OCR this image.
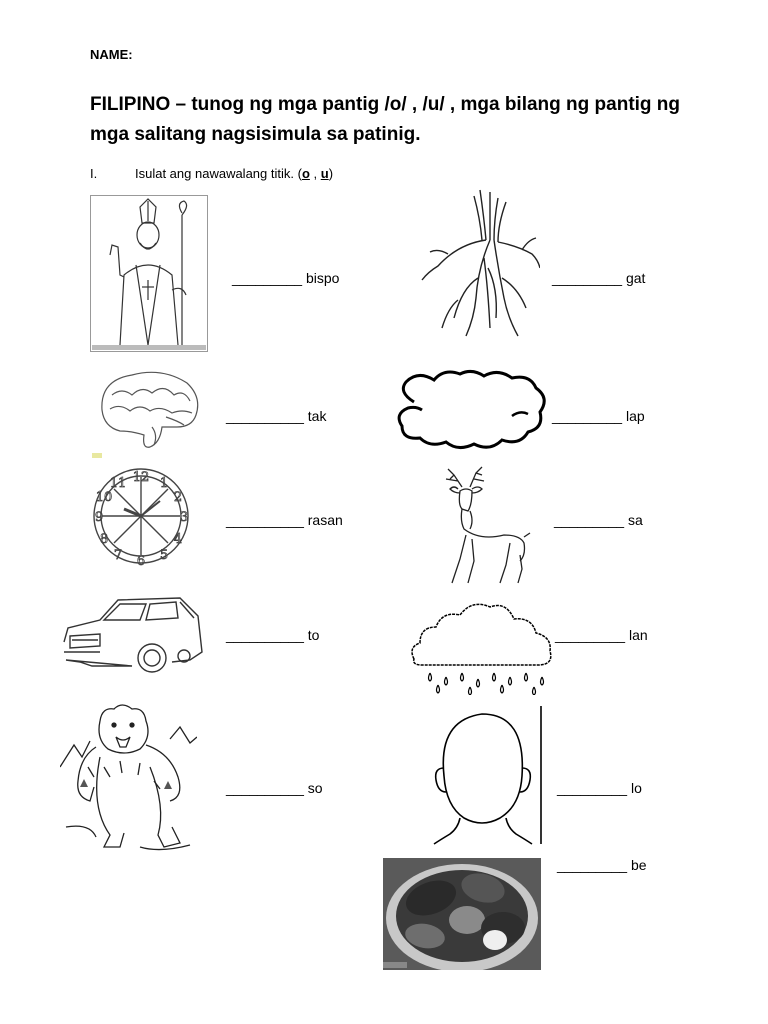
NAME:
FILIPINO – tunog ng mga pantig /o/ , /u/ , mga bilang ng pantig ng
mga salitang nagsisimula sa patinig.
I.	Isulat ang nawawalang titik. (o , u)
12
3
6
9
1
2
4
5
7
8
10
11
_________ bispo
__________ tak
__________ rasan
__________ to
__________ so
_________ gat
_________ lap
_________ sa
_________ lan
_________ lo
_________ be
